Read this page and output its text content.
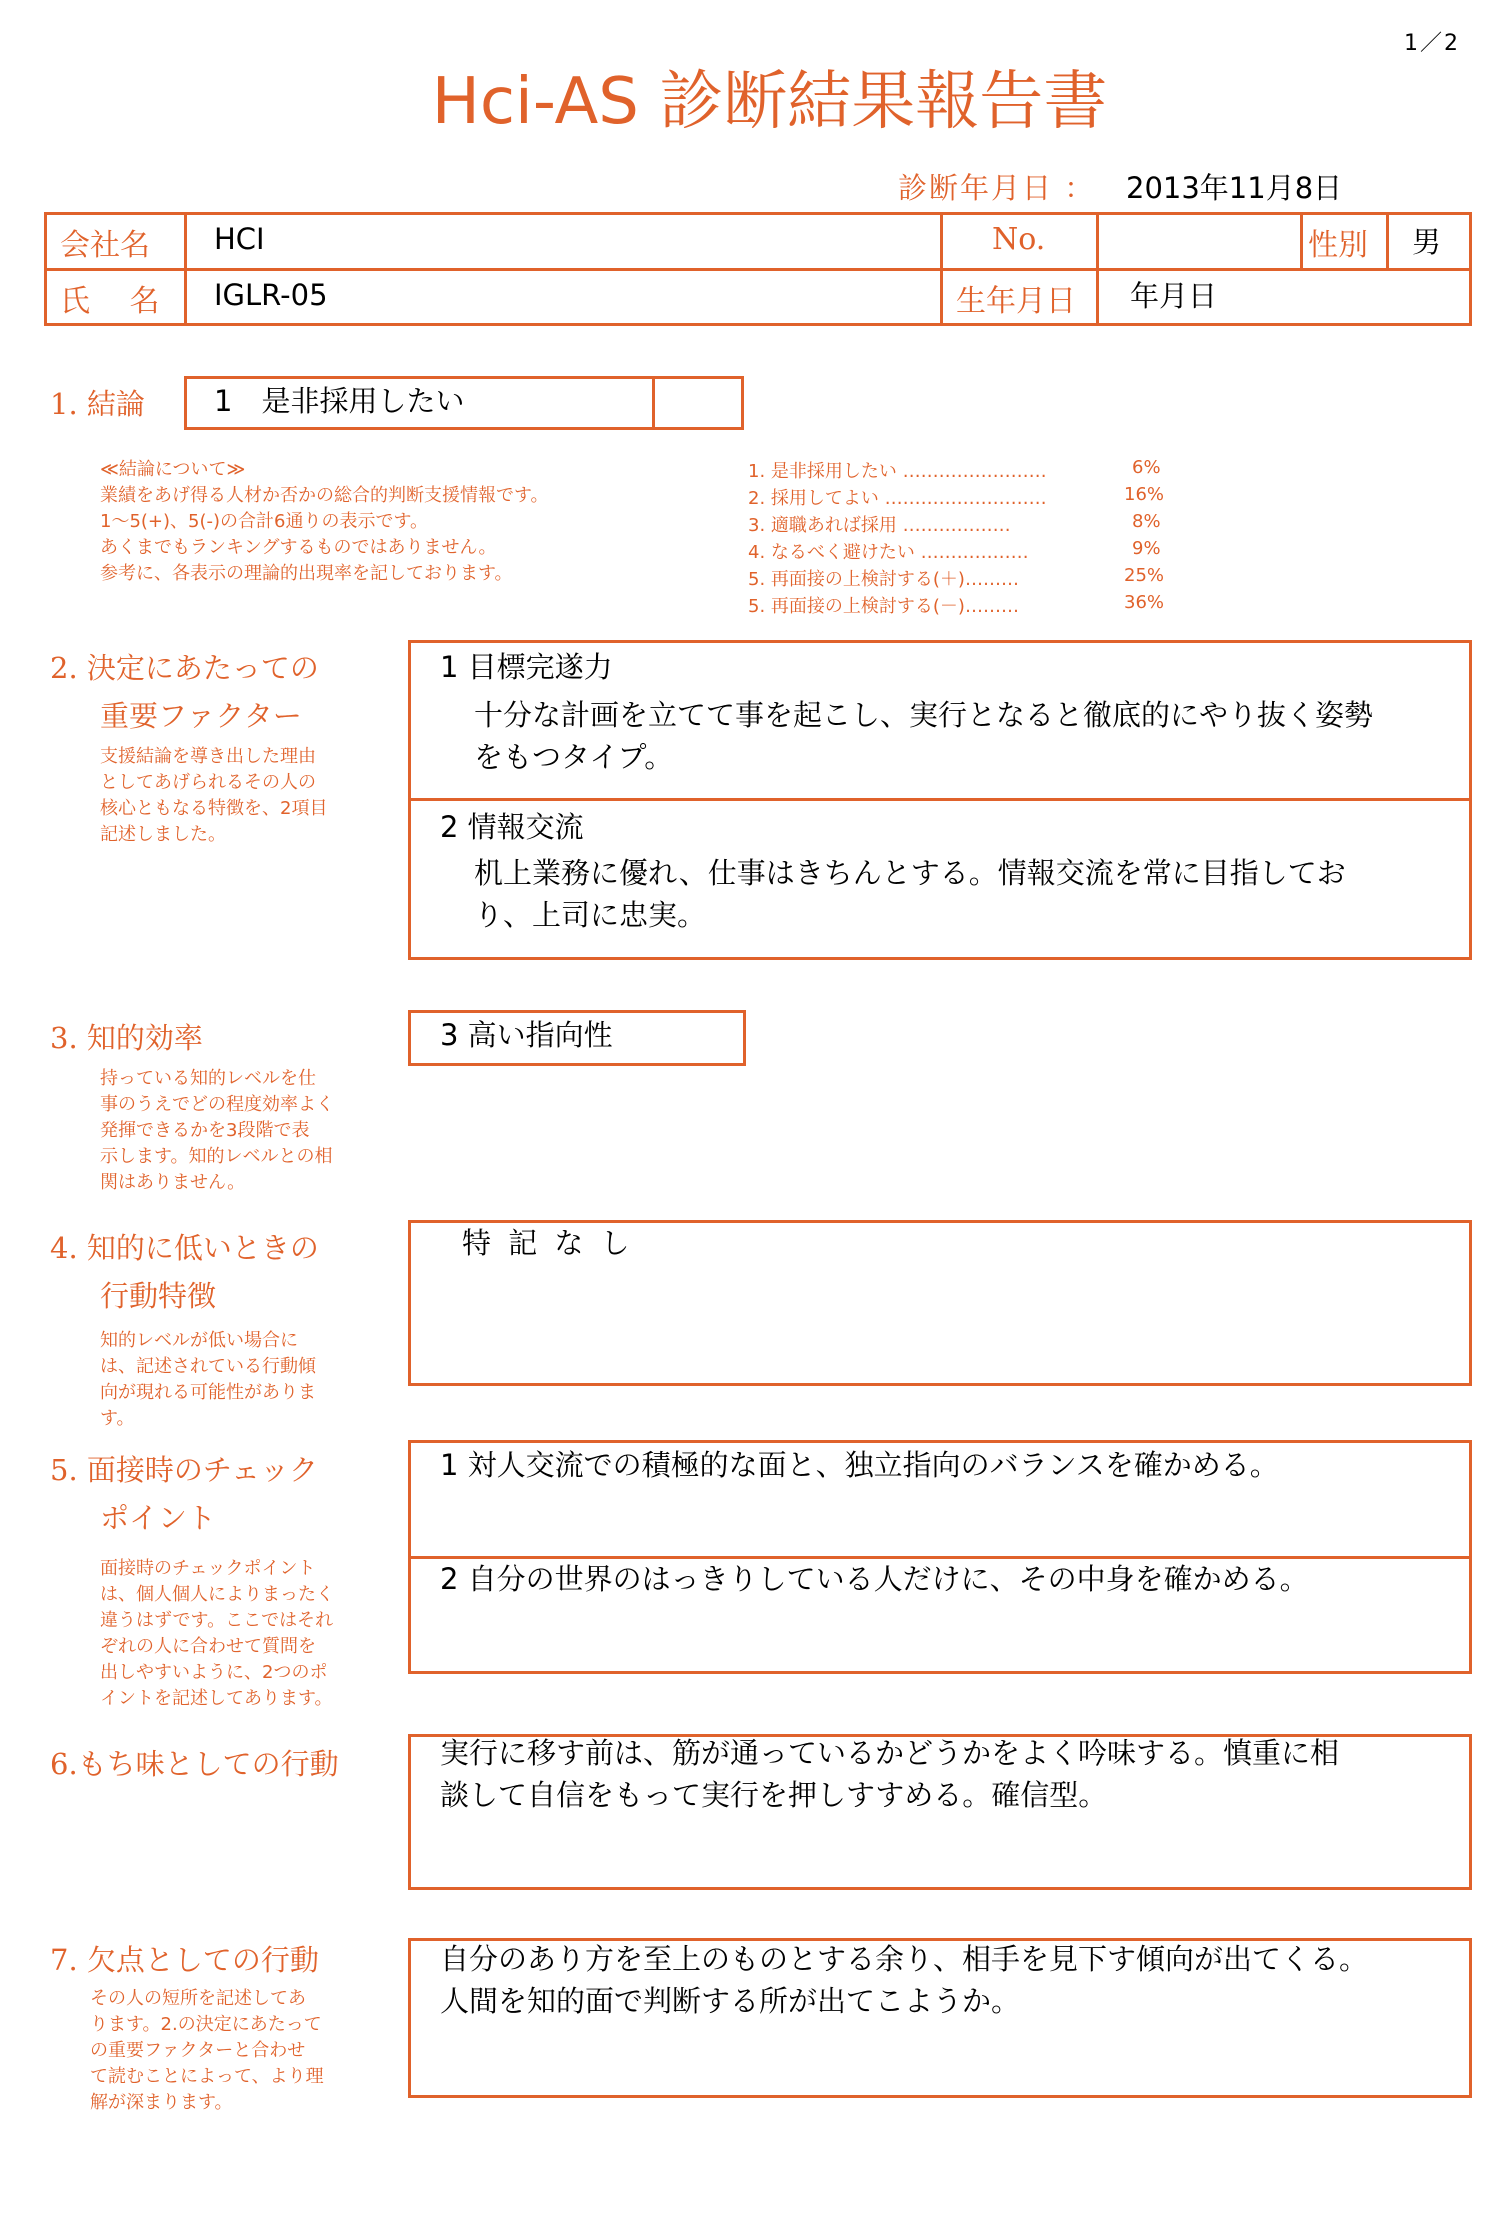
1／2
Hci-AS 診断結果報告書
診断年月日 ： 2013年11月8日
会社名 HCI	No.	性別 男
氏　 名 IGLR-05	生年月日 年月日
1. 結論 1　是非採用したい
≪結論について≫
業績をあげ得る人材か否かの総合的判断支援情報です。
1～5(+)、5(-)の合計6通りの表示です。
あくまでもランキングするものではありません。
参考に、各表示の理論的出現率を記しております。
1. 是非採用したい ……………………	6%
2. 採用してよい ………………………	16%
3. 適職あれば採用 ………………	8%
4. なるべく避けたい ………………	9%
5. 再面接の上検討する(＋)………	25%
5. 再面接の上検討する(－)………	36%
2. 決定にあたっての
重要ファクター
支援結論を導き出した理由
としてあげられるその人の
核心ともなる特徴を、2項目
記述しました。
1 目標完遂力
十分な計画を立てて事を起こし、実行となると徹底的にやり抜く姿勢
をもつタイプ。
2 情報交流
机上業務に優れ、仕事はきちんとする。情報交流を常に目指してお
り、上司に忠実。
3. 知的効率
持っている知的レベルを仕
事のうえでどの程度効率よく
発揮できるかを3段階で表
示します。知的レベルとの相
関はありません。
3 高い指向性
4. 知的に低いときの
行動特徴
知的レベルが低い場合に
は、記述されている行動傾
向が現れる可能性がありま
す。
特 記 な し
5. 面接時のチェック
ポイント
面接時のチェックポイント
は、個人個人によりまったく
違うはずです。ここではそれ
ぞれの人に合わせて質問を
出しやすいように、2つのポ
イントを記述してあります。
1 対人交流での積極的な面と、独立指向のバランスを確かめる。
2 自分の世界のはっきりしている人だけに、その中身を確かめる。
6.もち味としての行動	実行に移す前は、筋が通っているかどうかをよく吟味する。慎重に相
談して自信をもって実行を押しすすめる。確信型。
7. 欠点としての行動
その人の短所を記述してあ
ります。2.の決定にあたって
の重要ファクターと合わせ
て読むことによって、より理
解が深まります。
自分のあり方を至上のものとする余り、相手を見下す傾向が出てくる。
人間を知的面で判断する所が出てこようか。
